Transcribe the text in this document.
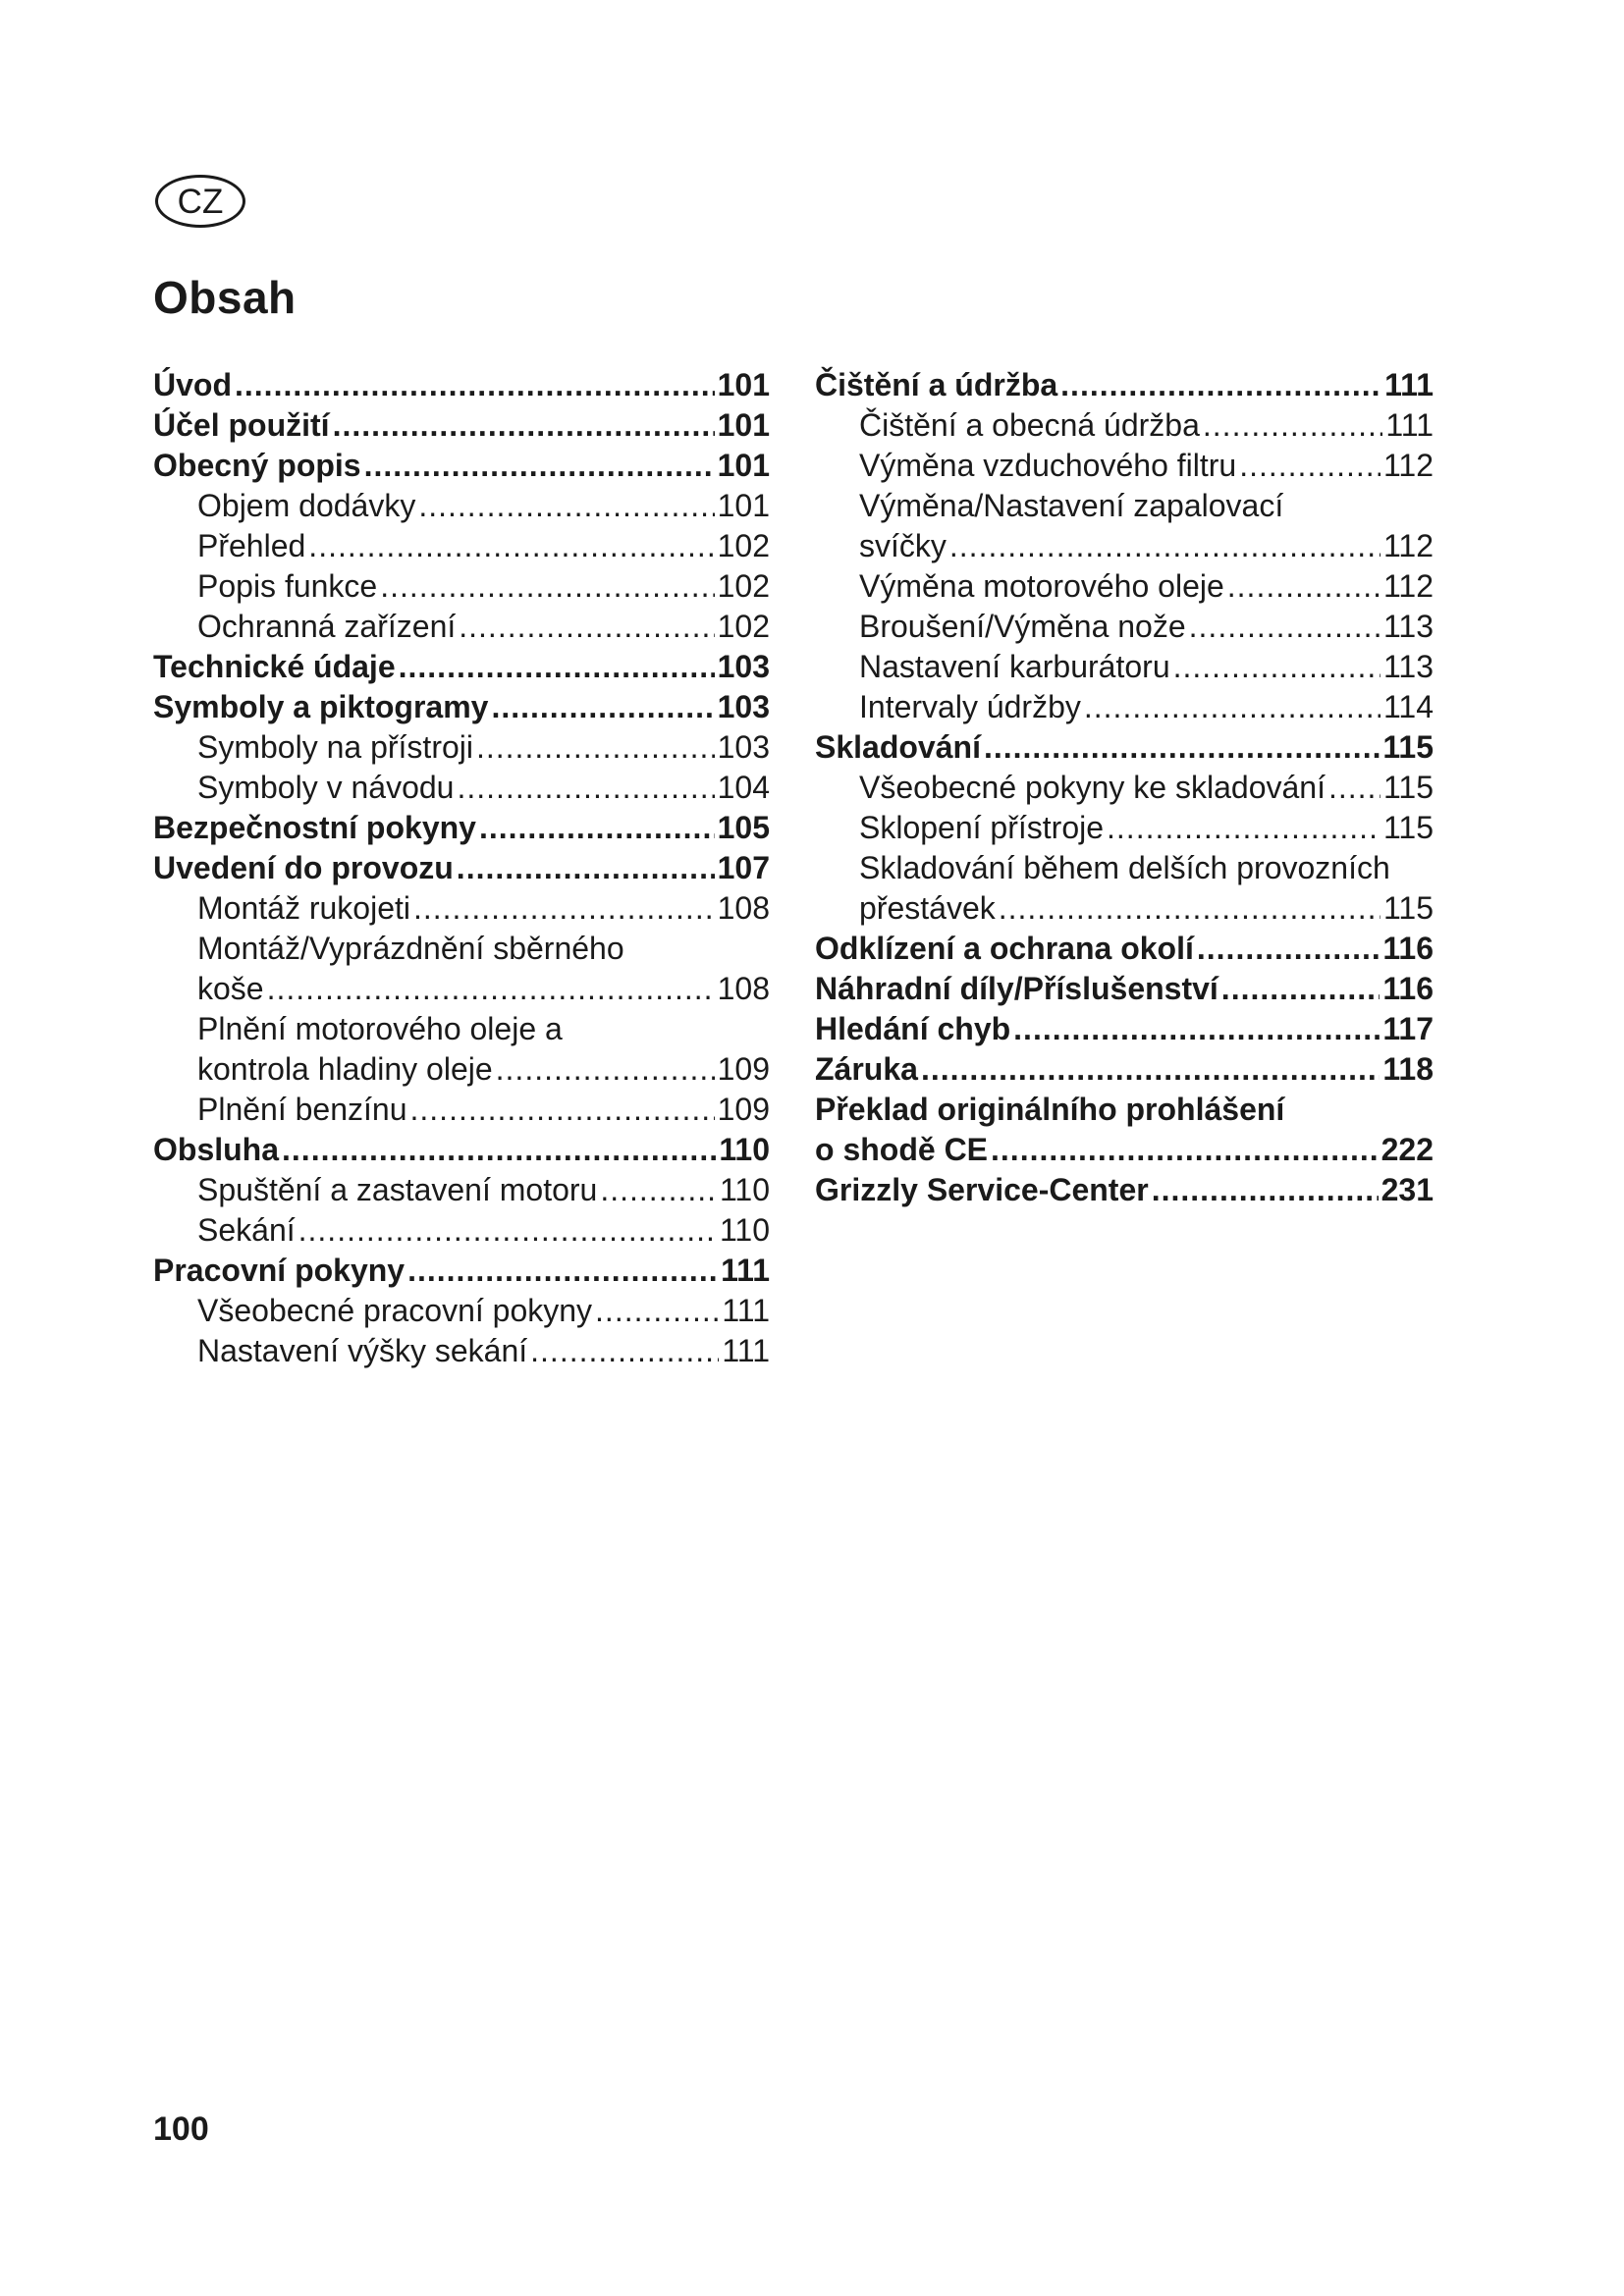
CZ
Obsah
Úvod .....	101
Účel použití .....	101
Obecný popis .....	101
Objem dodávky .....	101
Přehled .....	102
Popis funkce .....	102
Ochranná zařízení .....	102
Technické údaje .....	103
Symboly a piktogramy .....	103
Symboly na přístroji .....	103
Symboly v návodu .....	104
Bezpečnostní pokyny .....	105
Uvedení do provozu .....	107
Montáž rukojeti .....	108
Montáž/Vyprázdnění sběrného
koše .....	108
Plnění motorového oleje a
kontrola hladiny oleje .....	109
Plnění benzínu .....	109
Obsluha .....	110
Spuštění a zastavení motoru .....	110
Sekání .....	110
Pracovní pokyny .....	111
Všeobecné pracovní pokyny .....	111
Nastavení výšky sekání .....	111
Čištění a údržba .....	111
Čištění a obecná údržba .....	111
Výměna vzduchového filtru .....	112
Výměna/Nastavení zapalovací
svíčky .....	112
Výměna motorového oleje .....	112
Broušení/Výměna nože .....	113
Nastavení karburátoru .....	113
Intervaly údržby .....	114
Skladování .....	115
Všeobecné pokyny ke skladování ..... 115
Sklopení přístroje .....	115
Skladování během delších provozních
přestávek .....	115
Odklízení a ochrana okolí .....	116
Náhradní díly/Příslušenství .....	116
Hledání chyb .....	117
Záruka .....	118
Překlad originálního prohlášení
o shodě CE .....	222
Grizzly Service-Center .....	231
100
